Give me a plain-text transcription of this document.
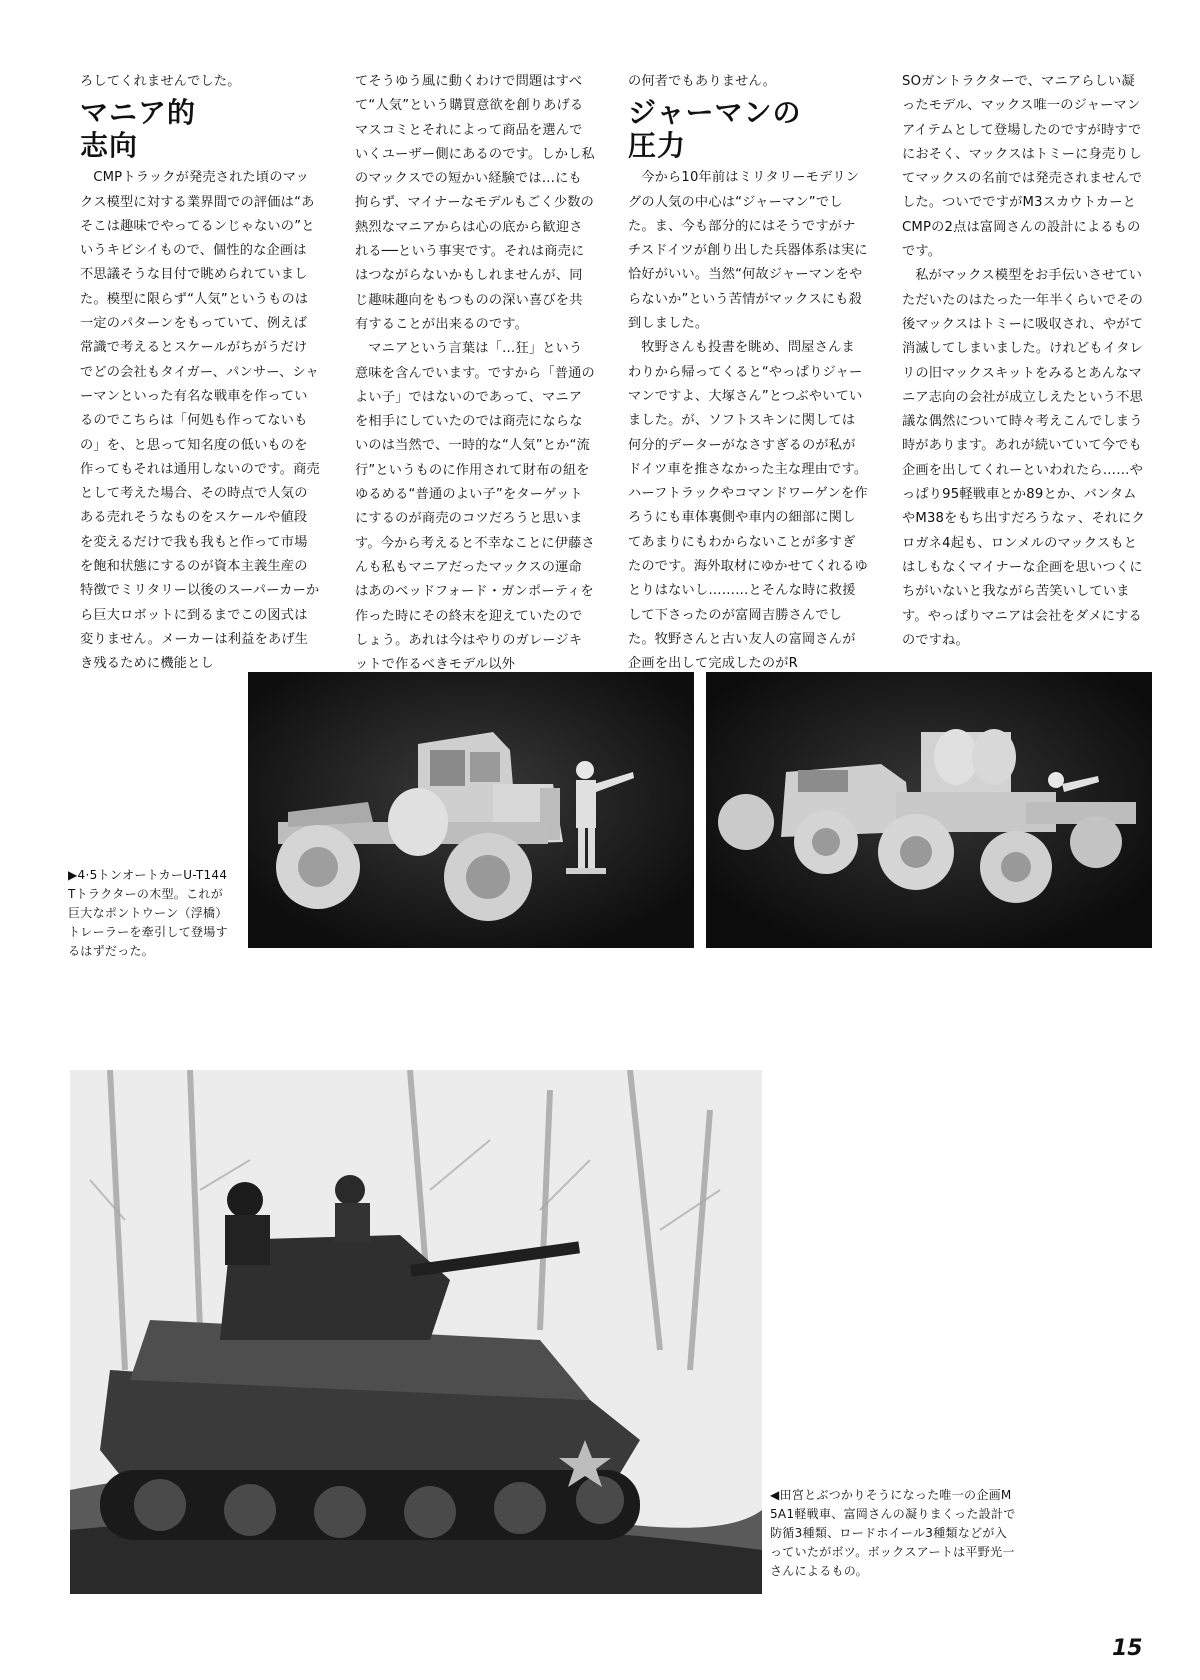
ろしてくれませんでした。

マニア的
志向

CMPトラックが発売された頃のマックス模型に対する業界間での評価は“あそこは趣味でやってるンじゃないの”というキビシイもので、個性的な企画は不思議そうな目付で眺められていました。模型に限らず“人気”というものは一定のパターンをもっていて、例えば常識で考えるとスケールがちがうだけでどの会社もタイガー、パンサー、シャーマンといった有名な戦車を作っているのでこちらは「何処も作ってないもの」を、と思って知名度の低いものを作ってもそれは通用しないのです。商売として考えた場合、その時点で人気のある売れそうなものをスケールや値段を変えるだけで我も我もと作って市場を飽和状態にするのが資本主義生産の特徴でミリタリー以後のスーパーカーから巨大ロボットに到るまでこの図式は変りません。メーカーは利益をあげ生き残るために機能とし

てそうゆう風に動くわけで問題はすべて“人気”という購買意欲を創りあげるマスコミとそれによって商品を選んでいくユーザー側にあるのです。しかし私のマックスでの短かい経験では…にも拘らず、マイナーなモデルもごく少数の熱烈なマニアからは心の底から歓迎される──という事実です。それは商売にはつながらないかもしれませんが、同じ趣味趣向をもつものの深い喜びを共有することが出来るのです。

マニアという言葉は「…狂」という意味を含んでいます。ですから「普通のよい子」ではないのであって、マニアを相手にしていたのでは商売にならないのは当然で、一時的な“人気”とか“流行”というものに作用されて財布の紐をゆるめる“普通のよい子”をターゲットにするのが商売のコツだろうと思います。今から考えると不幸なことに伊藤さんも私もマニアだったマックスの運命はあのベッドフォード・ガンポーティを作った時にその終末を迎えていたのでしょう。あれは今はやりのガレージキットで作るべきモデル以外

の何者でもありません。

ジャーマンの
圧力

今から10年前はミリタリーモデリングの人気の中心は“ジャーマン”でした。ま、今も部分的にはそうですがナチスドイツが創り出した兵器体系は実に恰好がいい。当然“何故ジャーマンをやらないか”という苦情がマックスにも殺到しました。

牧野さんも投書を眺め、問屋さんまわりから帰ってくると“やっぱりジャーマンですよ、大塚さん”とつぶやいていました。が、ソフトスキンに関しては何分的データーがなさすぎるのが私がドイツ車を推さなかった主な理由です。ハーフトラックやコマンドワーゲンを作ろうにも車体裏側や車内の細部に関してあまりにもわからないことが多すぎたのです。海外取材にゆかせてくれるゆとりはないし………とそんな時に救援して下さったのが富岡吉勝さんでした。牧野さんと古い友人の富岡さんが企画を出して完成したのがR

SOガントラクターで、マニアらしい凝ったモデル、マックス唯一のジャーマンアイテムとして登場したのですが時すでにおそく、マックスはトミーに身売りしてマックスの名前では発売されませんでした。ついでですがM3スカウトカーとCMPの2点は富岡さんの設計によるものです。

私がマックス模型をお手伝いさせていただいたのはたった一年半くらいでその後マックスはトミーに吸収され、やがて消滅してしまいました。けれどもイタレリの旧マックスキットをみるとあんなマニア志向の会社が成立しえたという不思議な偶然について時々考えこんでしまう時があります。あれが続いていて今でも企画を出してくれーといわれたら……やっぱり95軽戦車とか89とか、バンタムやM38をもち出すだろうなァ、それにクロガネ4起も、ロンメルのマックスもとはしもなくマイナーな企画を思いつくにちがいないと我ながら苦笑いしています。やっぱりマニアは会社をダメにするのですね。

▶4·5トンオートカーU-T144
Tトラクターの木型。これが
巨大なポントウーン（浮橋）
トレーラーを牽引して登場す
るはずだった。
◀田宮とぶつかりそうになった唯一の企画M
5A1軽戦車、富岡さんの凝りまくった設計で
防循3種類、ロードホイール3種類などが入
っていたがボツ。ボックスアートは平野光一
さんによるもの。
15
